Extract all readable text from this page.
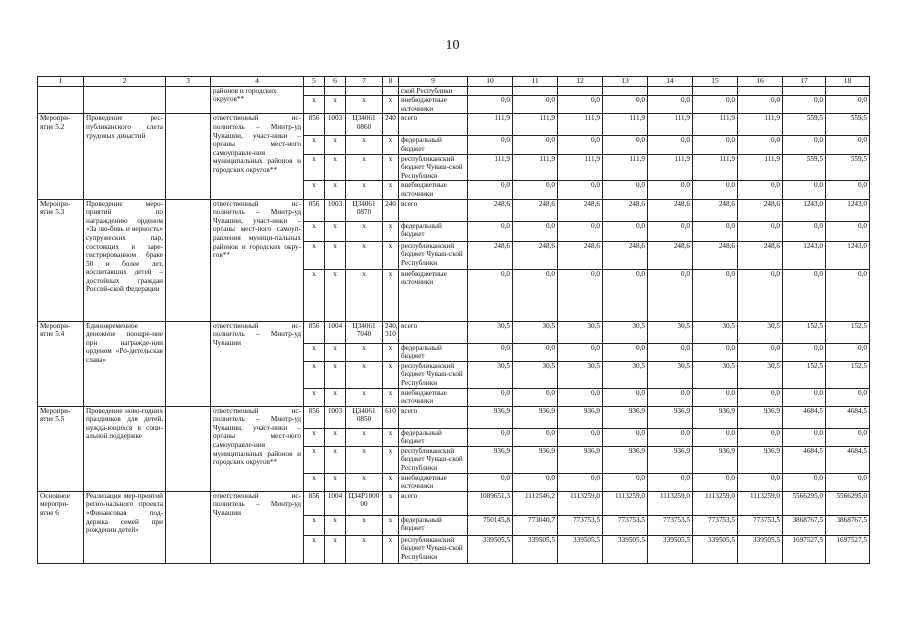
10
1	2	3	4	5	6	7	8	9	10	11	12	13	14	15	16	17	18
			районов и городских округов**					ской Республики									
				x	x	x	x	внебюджетные источники	0,0	0,0	0,0	0,0	0,0	0,0	0,0	0,0	0,0
Меропри-ятие 5.2	Проведение рес-публиканского слета трудовых династий		ответственный ис-полнитель – Минтр-уд Чувашии, участ-ники – органы мест-ного самоуправле-ния муниципальных районов и городских округов**	856	1003	Ц34061 0860	240	всего	111,9	111,9	111,9	111,9	111,9	111,9	111,9	559,5	559,5
				x	x	x	x	федеральный бюджет	0,0	0,0	0,0	0,0	0,0	0,0	0,0	0,0	0,0
				x	x	x	x	республиканский бюджет Чуваш-ской Республики	111,9	111,9	111,9	111,9	111,9	111,9	111,9	559,5	559,5
				x	x	x	x	внебюджетные источники	0,0	0,0	0,0	0,0	0,0	0,0	0,0	0,0	0,0
Меропри-ятие 5.3	Проведение меро-приятий по награждению орденом «За лю-бовь и верность» супружеских пар, состоящих в заре-гистрированном браке 50 и более лет, воспитавших детей – достойных граждан Россий-ской Федерации		ответственный ис-полнитель – Минтр-уд Чувашии, участ-ники – органы мест-ного самоуп-равления муници-пальных районов и городских окру-гов**	856	1003	Ц34061 0870	240	всего	248,6	248,6	248,6	248,6	248,6	248,6	248,6	1243,0	1243,0
				x	x	x	x	федеральный бюджет	0,0	0,0	0,0	0,0	0,0	0,0	0,0	0,0	0,0
				x	x	x	x	республиканский бюджет Чуваш-ской Республики	248,6	248,6	248,6	248,6	248,6	248,6	248,6	1243,0	1243,0
				x	x	x	x	внебюджетные источники	0,0	0,0	0,0	0,0	0,0	0,0	0,0	0,0	0,0
Меропри-ятие 5.4	Единовременное денежное поощре-ние при награжде-нии орденом «Ро-дительская слава»		ответственный ис-полнитель – Минтр-уд Чувашии	856	1004	Ц34061 7040	240, 310	всего	30,5	30,5	30,5	30,5	30,5	30,5	30,5	152,5	152,5
				x	x	x	x	федеральный бюджет	0,0	0,0	0,0	0,0	0,0	0,0	0,0	0,0	0,0
				x	x	x	x	республиканский бюджет Чуваш-ской Республики	30,5	30,5	30,5	30,5	30,5	30,5	30,5	152,5	152,5
				x	x	x	x	внебюджетные источники	0,0	0,0	0,0	0,0	0,0	0,0	0,0	0,0	0,0
Меропри-ятие 5.5	Проведение ново-годних праздников для детей, нужда-ющихся в соци-альной поддержке		ответственный ис-полнитель – Минтр-уд Чувашии, участ-ники – органы мест-ного самоуправле-ния муниципальных районов и городских округов**	856	1003	Ц34061 0850	610	всего	936,9	936,9	936,9	936,9	936,9	936,9	936,9	4684,5	4684,5
				x	x	x	x	федеральный бюджет	0,0	0,0	0,0	0,0	0,0	0,0	0,0	0,0	0,0
				x	x	x	x	республиканский бюджет Чуваш-ской Республики	936,9	936,9	936,9	936,9	936,9	936,9	936,9	4684,5	4684,5
				x	x	x	x	внебюджетные источники	0,0	0,0	0,0	0,0	0,0	0,0	0,0	0,0	0,0
Основное меропри-ятие 6	Реализация мер-приятий регио-нального проекта «Финансовая под-держка семей при рождении детей»		ответственный ис-полнитель – Минтр-уд Чувашии	856	1004	Ц34Р1000 00	x	всего	1089651,3	1112546,2	1113259,0	1113259,0	1113259,0	1113259,0	1113259,0	5566295,0	5566295,0
				x	x	x	x	федеральный бюджет	750145,8	773040,7	773753,5	773753,5	773753,5	773753,5	773753,5	3868767,5	3868767,5
				x	x	x	x	республиканский бюджет Чуваш-ской Республики	339505,5	339505,5	339505,5	339505,5	339505,5	339505,5	339505,5	1697527,5	1697527,5
